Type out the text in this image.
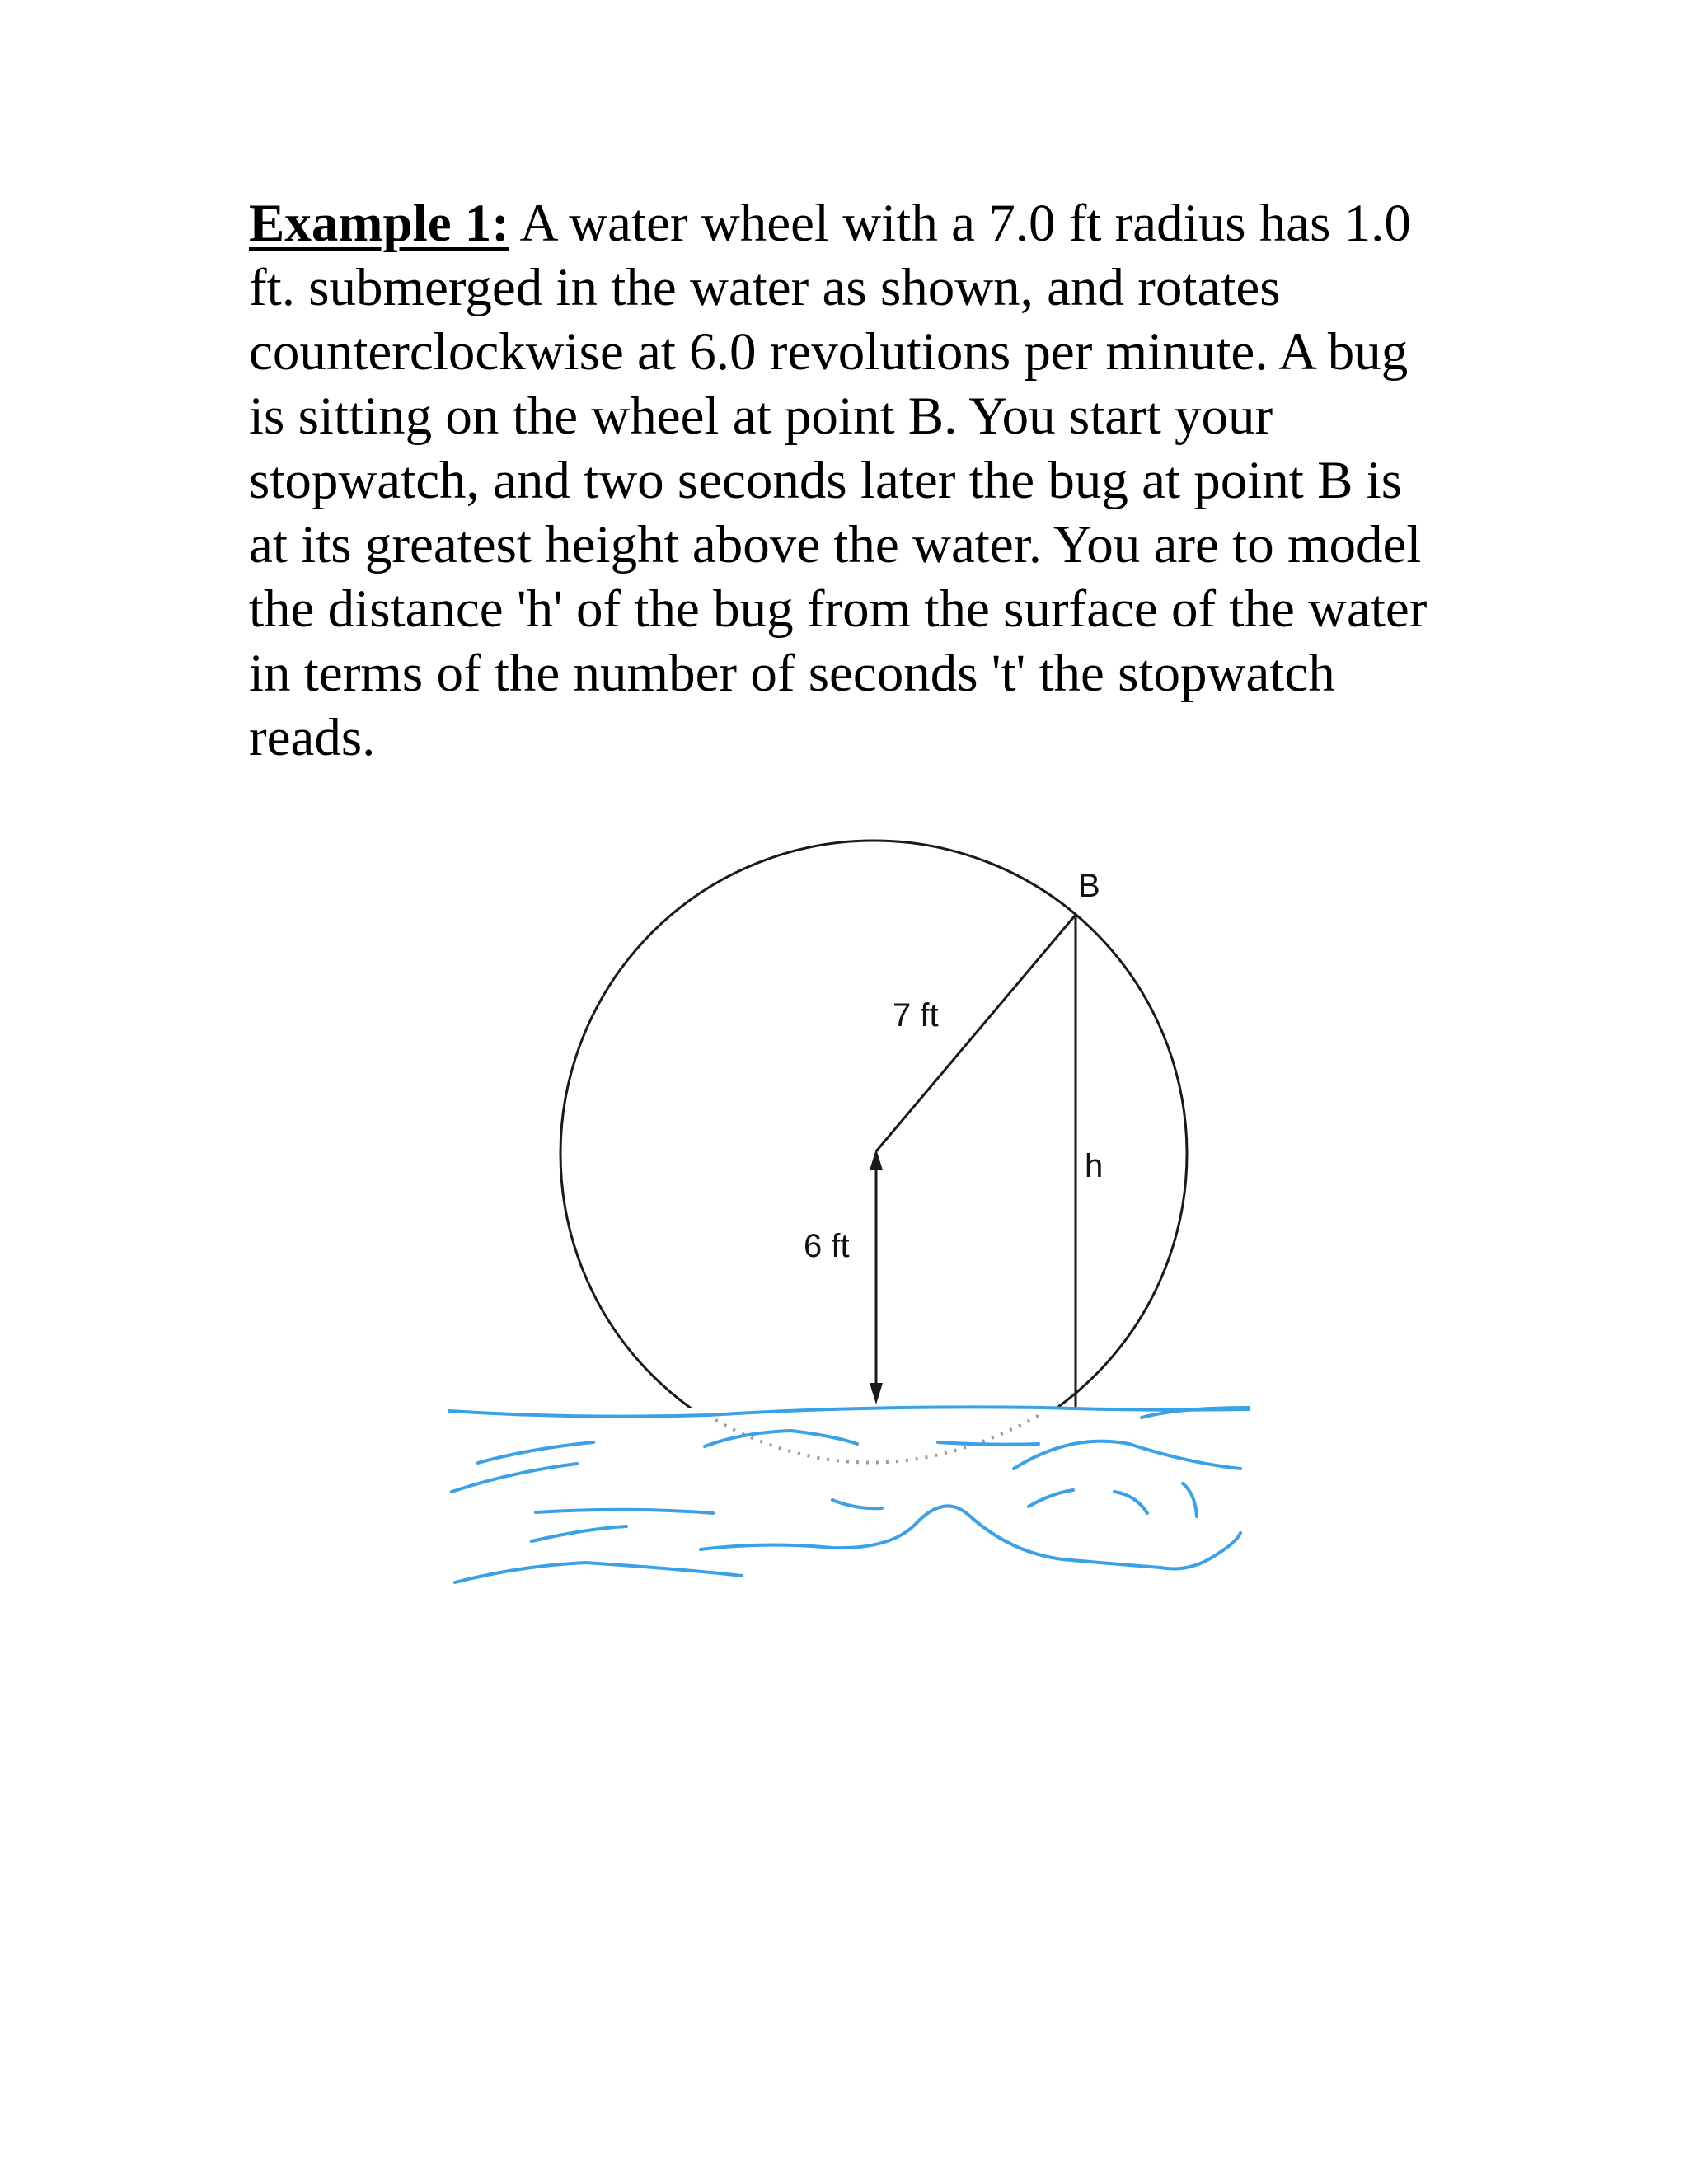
Example 1: A water wheel with a 7.0 ft radius has 1.0 ft. submerged in the water as shown, and rotates counterclockwise at 6.0 revolutions per minute. A bug is sitting on the wheel at point B. You start your stopwatch, and two seconds later the bug at point B is at its greatest height above the water. You are to model the distance 'h' of the bug from the surface of the water in terms of the number of seconds 't' the stopwatch reads.
B
7 ft
h
6 ft
